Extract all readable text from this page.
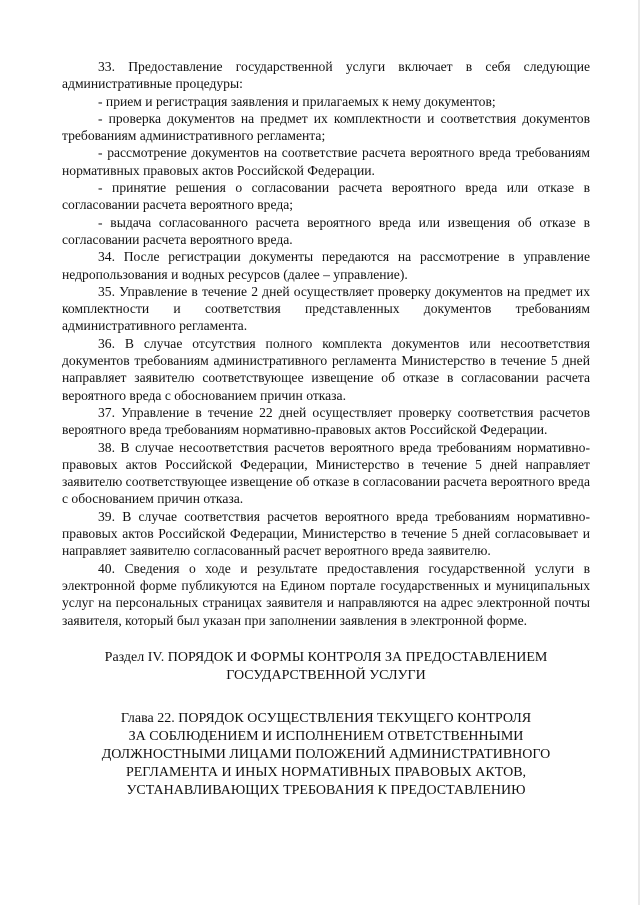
33. Предоставление государственной услуги включает в себя следующие административные процедуры:

- прием и регистрация заявления и прилагаемых к нему документов;

- проверка документов на предмет их комплектности и соответствия документов требованиям административного регламента;

- рассмотрение документов на соответствие расчета вероятного вреда требованиям нормативных правовых актов Российской Федерации.

- принятие решения о согласовании расчета вероятного вреда или отказе в согласовании расчета вероятного вреда;

- выдача согласованного расчета вероятного вреда или извещения об отказе в согласовании расчета вероятного вреда.

34. После регистрации документы передаются на рассмотрение в управление недропользования и водных ресурсов (далее – управление).

35. Управление в течение 2 дней осуществляет проверку документов на предмет их комплектности и соответствия представленных документов требованиям административного регламента.

36. В случае отсутствия полного комплекта документов или несоответствия документов требованиям административного регламента Министерство в течение 5 дней направляет заявителю соответствующее извещение об отказе в согласовании расчета вероятного вреда с обоснованием причин отказа.

37. Управление в течение 22 дней осуществляет проверку соответствия расчетов вероятного вреда требованиям нормативно-правовых актов Российской Федерации.

38. В случае несоответствия расчетов вероятного вреда требованиям нормативно-правовых актов Российской Федерации, Министерство в течение 5 дней направляет заявителю соответствующее извещение об отказе в согласовании расчета вероятного вреда с обоснованием причин отказа.

39. В случае соответствия расчетов вероятного вреда требованиям нормативно-правовых актов Российской Федерации, Министерство в течение 5 дней согласовывает и направляет заявителю согласованный расчет вероятного вреда заявителю.

40. Сведения о ходе и результате предоставления государственной услуги в электронной форме публикуются на Едином портале государственных и муниципальных услуг на персональных страницах заявителя и направляются на адрес электронной почты заявителя, который был указан при заполнении заявления в электронной форме.

Раздел IV. ПОРЯДОК И ФОРМЫ КОНТРОЛЯ ЗА ПРЕДОСТАВЛЕНИЕМ
ГОСУДАРСТВЕННОЙ УСЛУГИ
Глава 22. ПОРЯДОК ОСУЩЕСТВЛЕНИЯ ТЕКУЩЕГО КОНТРОЛЯ
ЗА СОБЛЮДЕНИЕМ И ИСПОЛНЕНИЕМ ОТВЕТСТВЕННЫМИ
ДОЛЖНОСТНЫМИ ЛИЦАМИ ПОЛОЖЕНИЙ АДМИНИСТРАТИВНОГО
РЕГЛАМЕНТА И ИНЫХ НОРМАТИВНЫХ ПРАВОВЫХ АКТОВ,
УСТАНАВЛИВАЮЩИХ ТРЕБОВАНИЯ К ПРЕДОСТАВЛЕНИЮ
